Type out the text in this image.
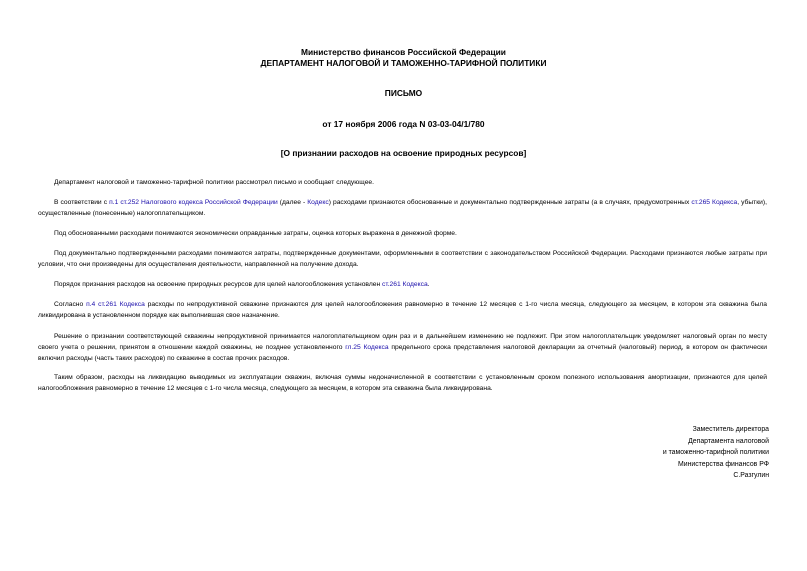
Министерство финансов Российской Федерации
ДЕПАРТАМЕНТ НАЛОГОВОЙ И ТАМОЖЕННО-ТАРИФНОЙ ПОЛИТИКИ
ПИСЬМО
от 17 ноября 2006 года N 03-03-04/1/780
[О признании расходов на освоение природных ресурсов]
Департамент налоговой и таможенно-тарифной политики рассмотрел письмо и сообщает следующее.
В соответствии с п.1 ст.252 Налогового кодекса Российской Федерации (далее - Кодекс) расходами признаются обоснованные и документально подтвержденные затраты (а в случаях, предусмотренных ст.265 Кодекса, убытки), осуществленные (понесенные) налогоплательщиком.
Под обоснованными расходами понимаются экономически оправданные затраты, оценка которых выражена в денежной форме.
Под документально подтвержденными расходами понимаются затраты, подтвержденные документами, оформленными в соответствии с законодательством Российской Федерации. Расходами признаются любые затраты при условии, что они произведены для осуществления деятельности, направленной на получение дохода.
Порядок признания расходов на освоение природных ресурсов для целей налогообложения установлен ст.261 Кодекса.
Согласно п.4 ст.261 Кодекса расходы по непродуктивной скважине признаются для целей налогообложения равномерно в течение 12 месяцев с 1-го числа месяца, следующего за месяцем, в котором эта скважина была ликвидирована в установленном порядке как выполнившая свое назначение.
Решение о признании соответствующей скважины непродуктивной принимается налогоплательщиком один раз и в дальнейшем изменению не подлежит. При этом налогоплательщик уведомляет налоговый орган по месту своего учета о решении, принятом в отношении каждой скважины, не позднее установленного гл.25 Кодекса предельного срока представления налоговой декларации за отчетный (налоговый) период, в котором он фактически включил расходы (часть таких расходов) по скважине в состав прочих расходов.
Таким образом, расходы на ликвидацию выводимых из эксплуатации скважин, включая суммы недоначисленной в соответствии с установленным сроком полезного использования амортизации, признаются для целей налогообложения равномерно в течение 12 месяцев с 1-го числа месяца, следующего за месяцем, в котором эта скважина была ликвидирована.
Заместитель директора
Департамента налоговой
и таможенно-тарифной политики
Министерства финансов РФ
С.Разгулин
